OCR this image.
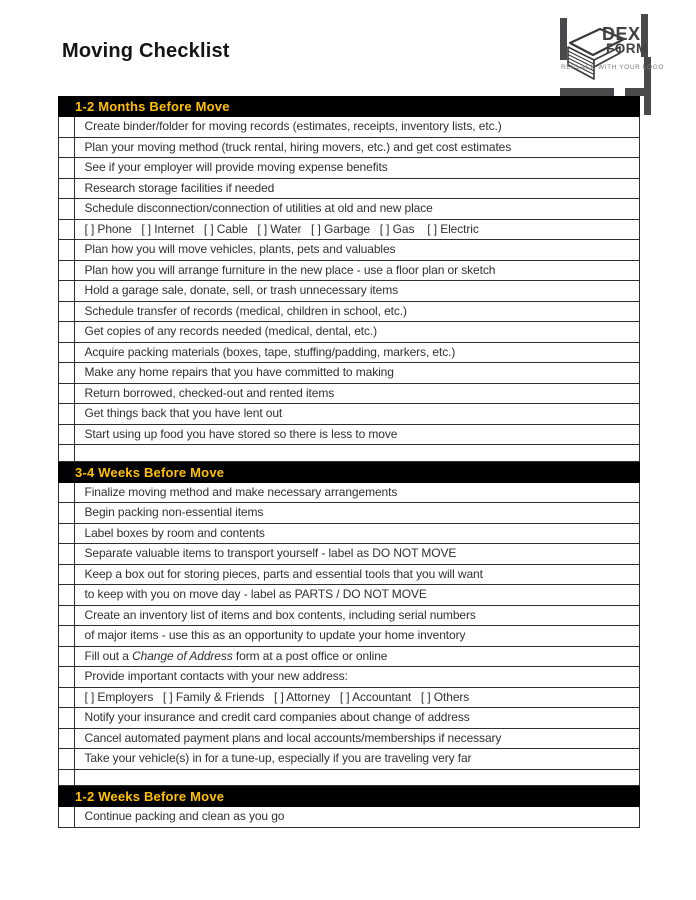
Moving Checklist
DEX
FORM
REPLACE WITH YOUR LOGO
1-2 Months Before Move
Create binder/folder for moving records (estimates, receipts, inventory lists, etc.)
Plan your moving method (truck rental, hiring movers, etc.) and get cost estimates
See if your employer will provide moving expense benefits
Research storage facilities if needed
Schedule disconnection/connection of utilities at old and new place
[ ] Phone   [ ] Internet   [ ] Cable   [ ] Water   [ ] Garbage   [ ] Gas    [ ] Electric
Plan how you will move vehicles, plants, pets and valuables
Plan how you will arrange furniture in the new place - use a floor plan or sketch
Hold a garage sale, donate, sell, or trash unnecessary items
Schedule transfer of records (medical, children in school, etc.)
Get copies of any records needed (medical, dental, etc.)
Acquire packing materials (boxes, tape, stuffing/padding, markers, etc.)
Make any home repairs that you have committed to making
Return borrowed, checked-out and rented items
Get things back that you have lent out
Start using up food you have stored so there is less to move
3-4 Weeks Before Move
Finalize moving method and make necessary arrangements
Begin packing non-essential items
Label boxes by room and contents
Separate valuable items to transport yourself - label as DO NOT MOVE
Keep a box out for storing pieces, parts and essential tools that you will want
to keep with you on move day - label as PARTS / DO NOT MOVE
Create an inventory list of items and box contents, including serial numbers
of major items - use this as an opportunity to update your home inventory
Fill out a Change of Address form at a post office or online
Provide important contacts with your new address:
[ ] Employers   [ ] Family & Friends   [ ] Attorney   [ ] Accountant   [ ] Others
Notify your insurance and credit card companies about change of address
Cancel automated payment plans and local accounts/memberships if necessary
Take your vehicle(s) in for a tune-up, especially if you are traveling very far
1-2 Weeks Before Move
Continue packing and clean as you go
